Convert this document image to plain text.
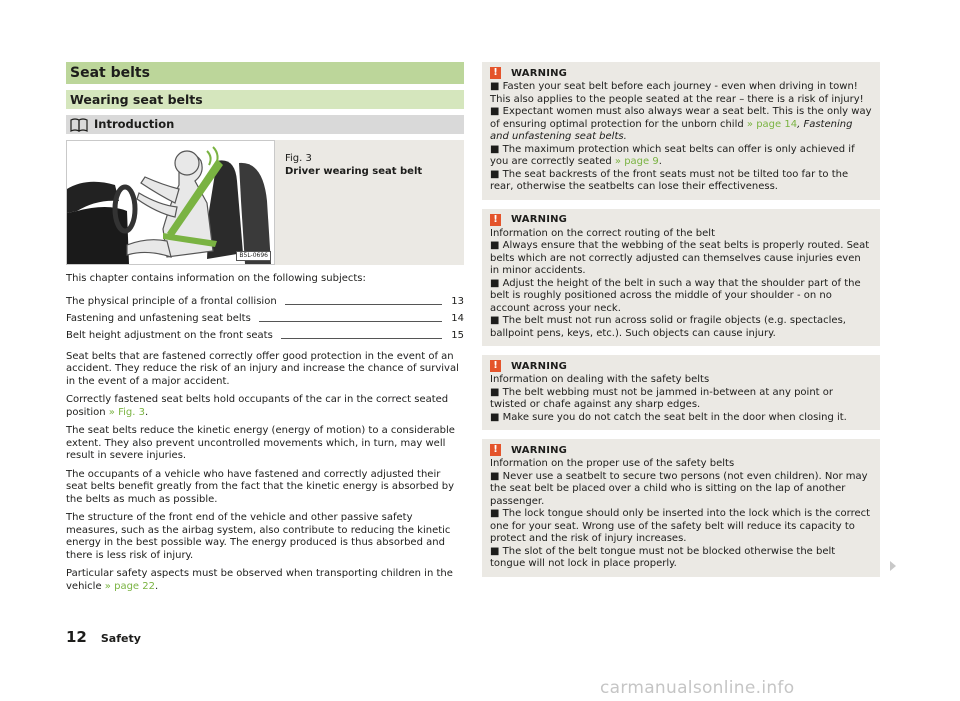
Seat belts
Wearing seat belts
Introduction
B5L-0696
Fig. 3
Driver wearing seat belt

This chapter contains information on the following subjects:

The physical principle of a frontal collision	13
Fastening and unfastening seat belts	14
Belt height adjustment on the front seats	15

Seat belts that are fastened correctly offer good protection in the event of an accident. They reduce the risk of an injury and increase the chance of survival in the event of a major accident.

Correctly fastened seat belts hold occupants of the car in the correct seated position » Fig. 3.

The seat belts reduce the kinetic energy (energy of motion) to a considerable extent. They also prevent uncontrolled movements which, in turn, may well result in severe injuries.

The occupants of a vehicle who have fastened and correctly adjusted their seat belts benefit greatly from the fact that the kinetic energy is absorbed by the belts as much as possible.

The structure of the front end of the vehicle and other passive safety measures, such as the airbag system, also contribute to reducing the kinetic energy in the best possible way. The energy produced is thus absorbed and there is less risk of injury.

Particular safety aspects must be observed when transporting children in the vehicle » page 22.

!	WARNING

■ Fasten your seat belt before each journey - even when driving in town! This also applies to the people seated at the rear – there is a risk of injury!

■ Expectant women must also always wear a seat belt. This is the only way of ensuring optimal protection for the unborn child » page 14, Fastening and unfastening seat belts.

■ The maximum protection which seat belts can offer is only achieved if you are correctly seated » page 9.

■ The seat backrests of the front seats must not be tilted too far to the rear, otherwise the seatbelts can lose their effectiveness.

!	WARNING

Information on the correct routing of the belt

■ Always ensure that the webbing of the seat belts is properly routed. Seat belts which are not correctly adjusted can themselves cause injuries even in minor accidents.

■ Adjust the height of the belt in such a way that the shoulder part of the belt is roughly positioned across the middle of your shoulder - on no account across your neck.

■ The belt must not run across solid or fragile objects (e.g. spectacles, ballpoint pens, keys, etc.). Such objects can cause injury.

!	WARNING

Information on dealing with the safety belts

■ The belt webbing must not be jammed in-between at any point or twisted or chafe against any sharp edges.

■ Make sure you do not catch the seat belt in the door when closing it.

!	WARNING

Information on the proper use of the safety belts

■ Never use a seatbelt to secure two persons (not even children). Nor may the seat belt be placed over a child who is sitting on the lap of another passenger.

■ The lock tongue should only be inserted into the lock which is the correct one for your seat. Wrong use of the safety belt will reduce its capacity to protect and the risk of injury increases.

■ The slot of the belt tongue must not be blocked otherwise the belt tongue will not lock in place properly.

12 Safety
carmanualsonline.info
